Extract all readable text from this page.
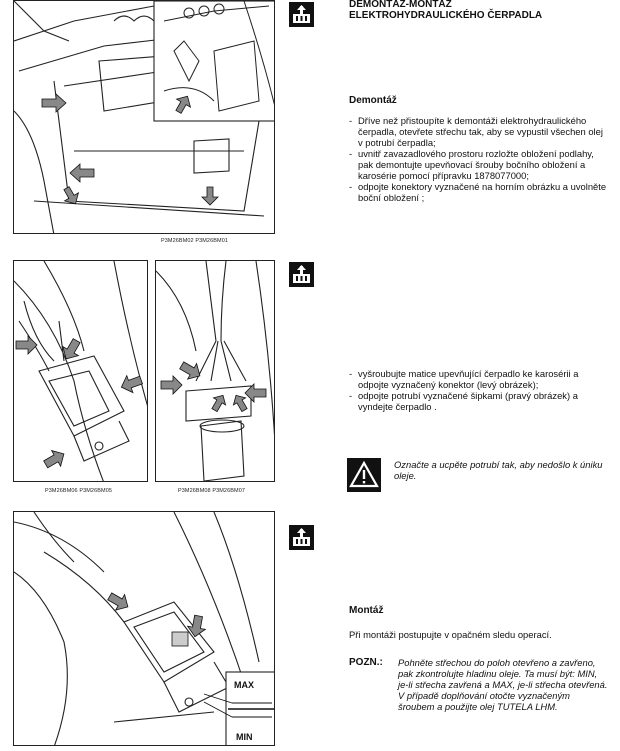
P3M26BM02 P3M26BM01
P3M26BM06 P3M26BM05	P3M26BM08 P3M26BM07
MAX
MIN
DEMONTÁŽ-MONTÁŽ
ELEKTROHYDRAULICKÉHO ČERPADLA
Demontáž
- Dříve než přistoupíte k demontáži elektrohydraulického čerpadla, otevřete střechu tak, aby se vypustil všechen olej v potrubí čerpadla;
- uvnitř zavazadlového prostoru rozložte obložení podlahy, pak demontujte upevňovací šrouby bočního obložení a karosérie pomocí přípravku 1878077000;
- odpojte konektory vyznačené na horním obrázku a uvolněte boční obložení ;
- vyšroubujte matice upevňující čerpadlo ke karosérii a odpojte vyznačený konektor (levý obrázek);
- odpojte potrubí vyznačené šipkami (pravý obrázek) a vyndejte čerpadlo .
Označte a ucpěte potrubí tak, aby nedošlo k úniku oleje.
Montáž
Při montáži postupujte v opačném sledu operací.
POZN.: Pohněte střechou do poloh otevřeno a zavřeno, pak zkontrolujte hladinu oleje. Ta musí být: MIN, je-li střecha zavřená a MAX, je-li střecha otevřená.
V případě doplňování otočte vyznačeným šroubem a použijte olej TUTELA LHM.
